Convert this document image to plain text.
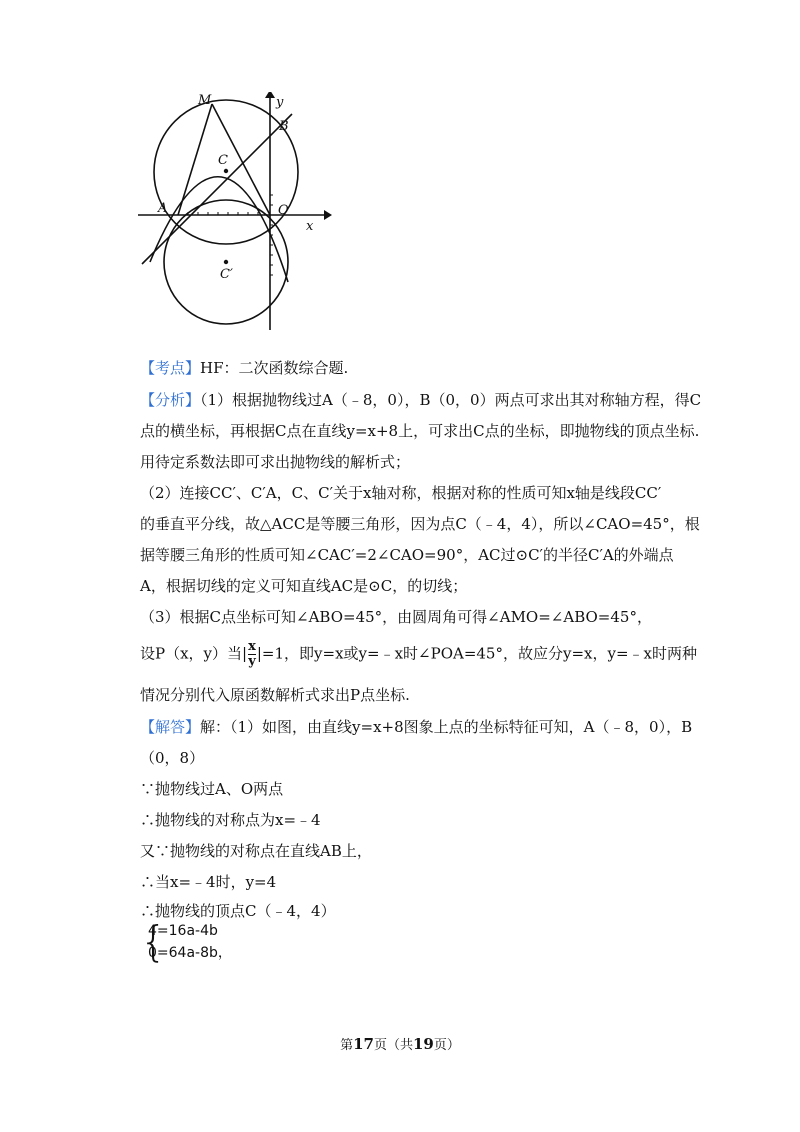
M	y
B
C
A	O
x
C′
【考点】HF：二次函数综合题.
【分析】（1）根据抛物线过A（﹣8，0），B（0，0）两点可求出其对称轴方程，得C
点的横坐标，再根据C点在直线y=x+8上，可求出C点的坐标，即抛物线的顶点坐标.
用待定系数法即可求出抛物线的解析式；
（2）连接CC′、C′A，C、C′关于x轴对称，根据对称的性质可知x轴是线段CC′
的垂直平分线，故△ACC是等腰三角形，因为点C（﹣4，4），所以∠CAO=45°，根
据等腰三角形的性质可知∠CAC′=2∠CAO=90°，AC过⊙C′的半径C′A的外端点
A，根据切线的定义可知直线AC是⊙C，的切线；
（3）根据C点坐标可知∠ABO=45°，由圆周角可得∠AMO=∠ABO=45°，
设P（x，y）当| $\frac{x}{y} |=1$，即y=x或y=﹣x时∠POA=45°，故应分y=x，y=﹣x时两种
情况分别代入原函数解析式求出P点坐标.
【解答】解：（1）如图，由直线y=x+8图象上点的坐标特征可知，A（﹣8，0），B
（0，8）
∵抛物线过A、O两点
∴抛物线的对称点为x=﹣4
又∵抛物线的对称点在直线AB上，
∴当x=﹣4时，y=4
∴抛物线的顶点C（﹣4，4）
{
4=16a-4b
0=64a-8b，
第17页（共19页）
